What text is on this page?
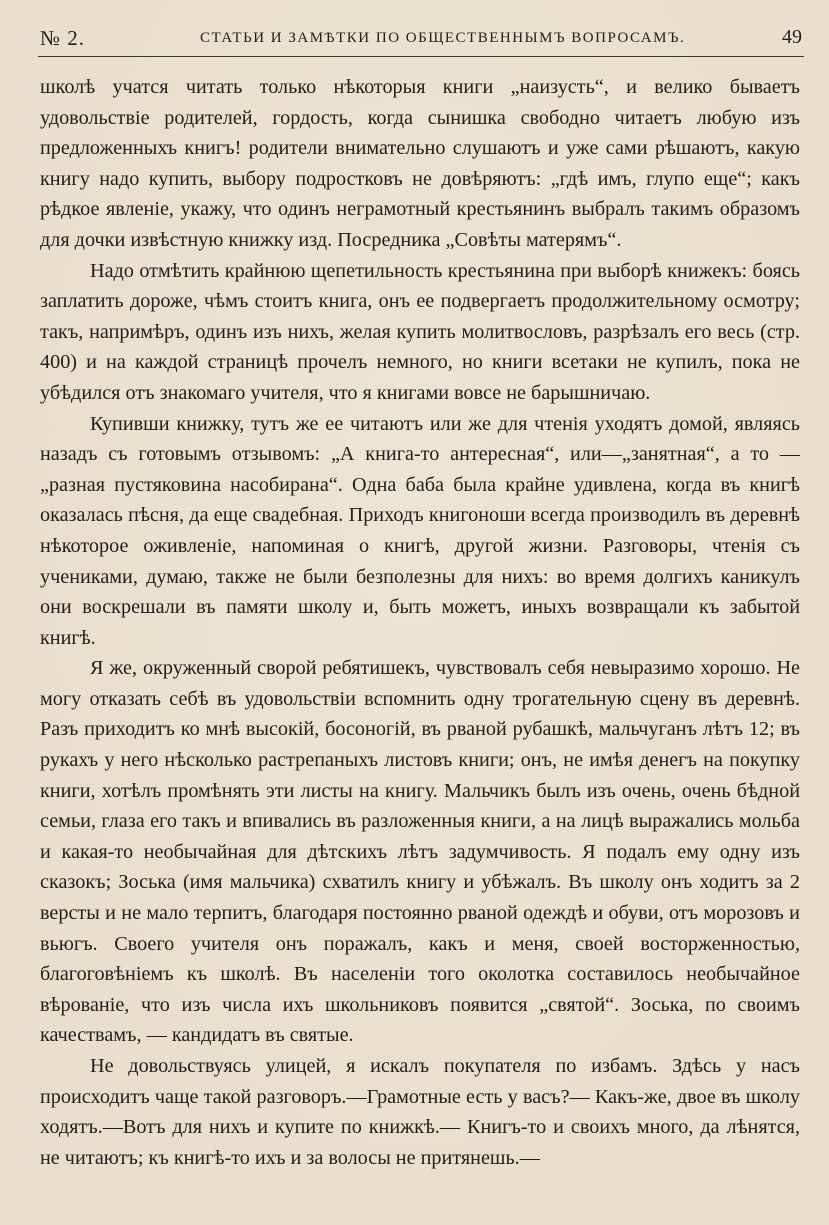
№ 2.	СТАТЬИ И ЗАМѢТКИ ПО ОБЩЕСТВЕННЫМЪ ВОПРОСАМЪ.	49

школѣ учатся читать только нѣкоторыя книги „наизусть“, и велико бываетъ удовольствіе родителей, гордость, когда сынишка свободно читаетъ любую изъ предложенныхъ книгъ! родители внимательно слушаютъ и уже сами рѣшаютъ, какую книгу надо купить, выбору подростковъ не довѣряютъ: „гдѣ имъ, глупо еще“; какъ рѣдкое явленіе, укажу, что одинъ неграмотный крестьянинъ выбралъ такимъ образомъ для дочки извѣстную книжку изд. Посредника „Совѣты матерямъ“.

Надо отмѣтить крайнюю щепетильность крестьянина при выборѣ книжекъ: боясь заплатить дороже, чѣмъ стоитъ книга, онъ ее подвергаетъ продолжительному осмотру; такъ, напримѣръ, одинъ изъ нихъ, желая купить молитвословъ, разрѣзалъ его весь (стр. 400) и на каждой страницѣ прочелъ немного, но книги всетаки не купилъ, пока не убѣдился отъ знакомаго учителя, что я книгами вовсе не барышничаю.

Купивши книжку, тутъ же ее читаютъ или же для чтенія уходятъ домой, являясь назадъ съ готовымъ отзывомъ: „А книга-то антересная“, или—„занятная“, а то — „разная пустяковина насобирана“. Одна баба была крайне удивлена, когда въ книгѣ оказалась пѣсня, да еще свадебная. Приходъ книгоноши всегда производилъ въ деревнѣ нѣкоторое оживленіе, напоминая о книгѣ, другой жизни. Разговоры, чтенія съ учениками, думаю, также не были безполезны для нихъ: во время долгихъ каникулъ они воскрешали въ памяти школу и, быть можетъ, иныхъ возвращали къ забытой книгѣ.

Я же, окруженный сворой ребятишекъ, чувствовалъ себя невыразимо хорошо. Не могу отказать себѣ въ удовольствіи вспомнить одну трогательную сцену въ деревнѣ. Разъ приходитъ ко мнѣ высокій, босоногій, въ рваной рубашкѣ, мальчуганъ лѣтъ 12; въ рукахъ у него нѣсколько растрепаныхъ листовъ книги; онъ, не имѣя денегъ на покупку книги, хотѣлъ промѣнять эти листы на книгу. Мальчикъ былъ изъ очень, очень бѣдной семьи, глаза его такъ и впивались въ разложенныя книги, а на лицѣ выражались мольба и какая-то необычайная для дѣтскихъ лѣтъ задумчивость. Я подалъ ему одну изъ сказокъ; Зоська (имя мальчика) схватилъ книгу и убѣжалъ. Въ школу онъ ходитъ за 2 версты и не мало терпитъ, благодаря постоянно рваной одеждѣ и обуви, отъ морозовъ и вьюгъ. Своего учителя онъ поражалъ, какъ и меня, своей восторженностью, благоговѣніемъ къ школѣ. Въ населеніи того околотка составилось необычайное вѣрованіе, что изъ числа ихъ школьниковъ появится „святой“. Зоська, по своимъ качествамъ, — кандидатъ въ святые.

Не довольствуясь улицей, я искалъ покупателя по избамъ. Здѣсь у насъ происходитъ чаще такой разговоръ.—Грамотные есть у васъ?— Какъ-же, двое въ школу ходятъ.—Вотъ для нихъ и купите по книжкѣ.— Книгъ-то и своихъ много, да лѣнятся, не читаютъ; къ книгѣ-то ихъ и за волосы не притянешь.—
